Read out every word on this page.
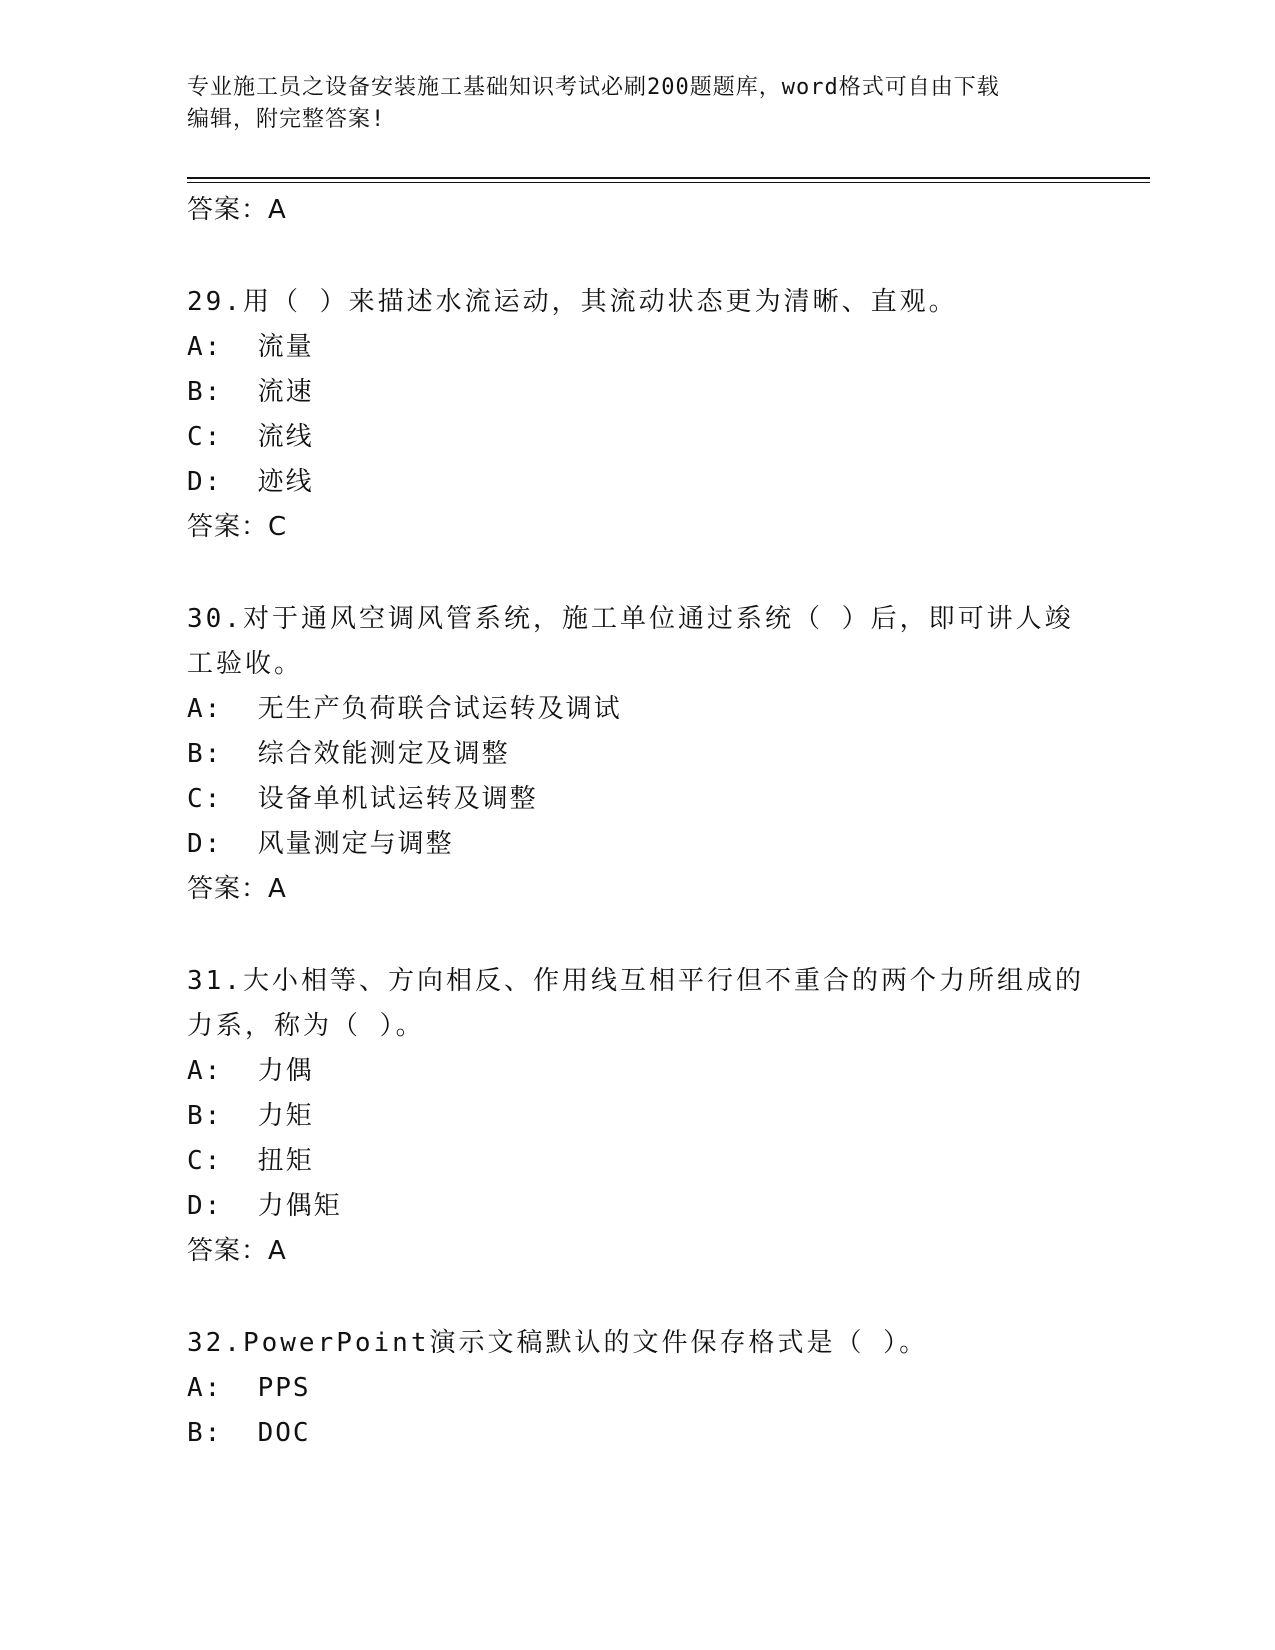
专业施工员之设备安装施工基础知识考试必刷200题题库，word格式可自由下载
编辑，附完整答案!
答案：A
29.用（ ）来描述水流运动，其流动状态更为清晰、直观。
A:  流量
B:  流速
C:  流线
D:  迹线
答案：C
30.对于通风空调风管系统，施工单位通过系统（ ）后，即可讲人竣
工验收。
A:  无生产负荷联合试运转及调试
B:  综合效能测定及调整
C:  设备单机试运转及调整
D:  风量测定与调整
答案：A
31.大小相等、方向相反、作用线互相平行但不重合的两个力所组成的
力系，称为（ ）。
A:  力偶
B:  力矩
C:  扭矩
D:  力偶矩
答案：A
32.PowerPoint演示文稿默认的文件保存格式是（ ）。
A:  PPS
B:  DOC
